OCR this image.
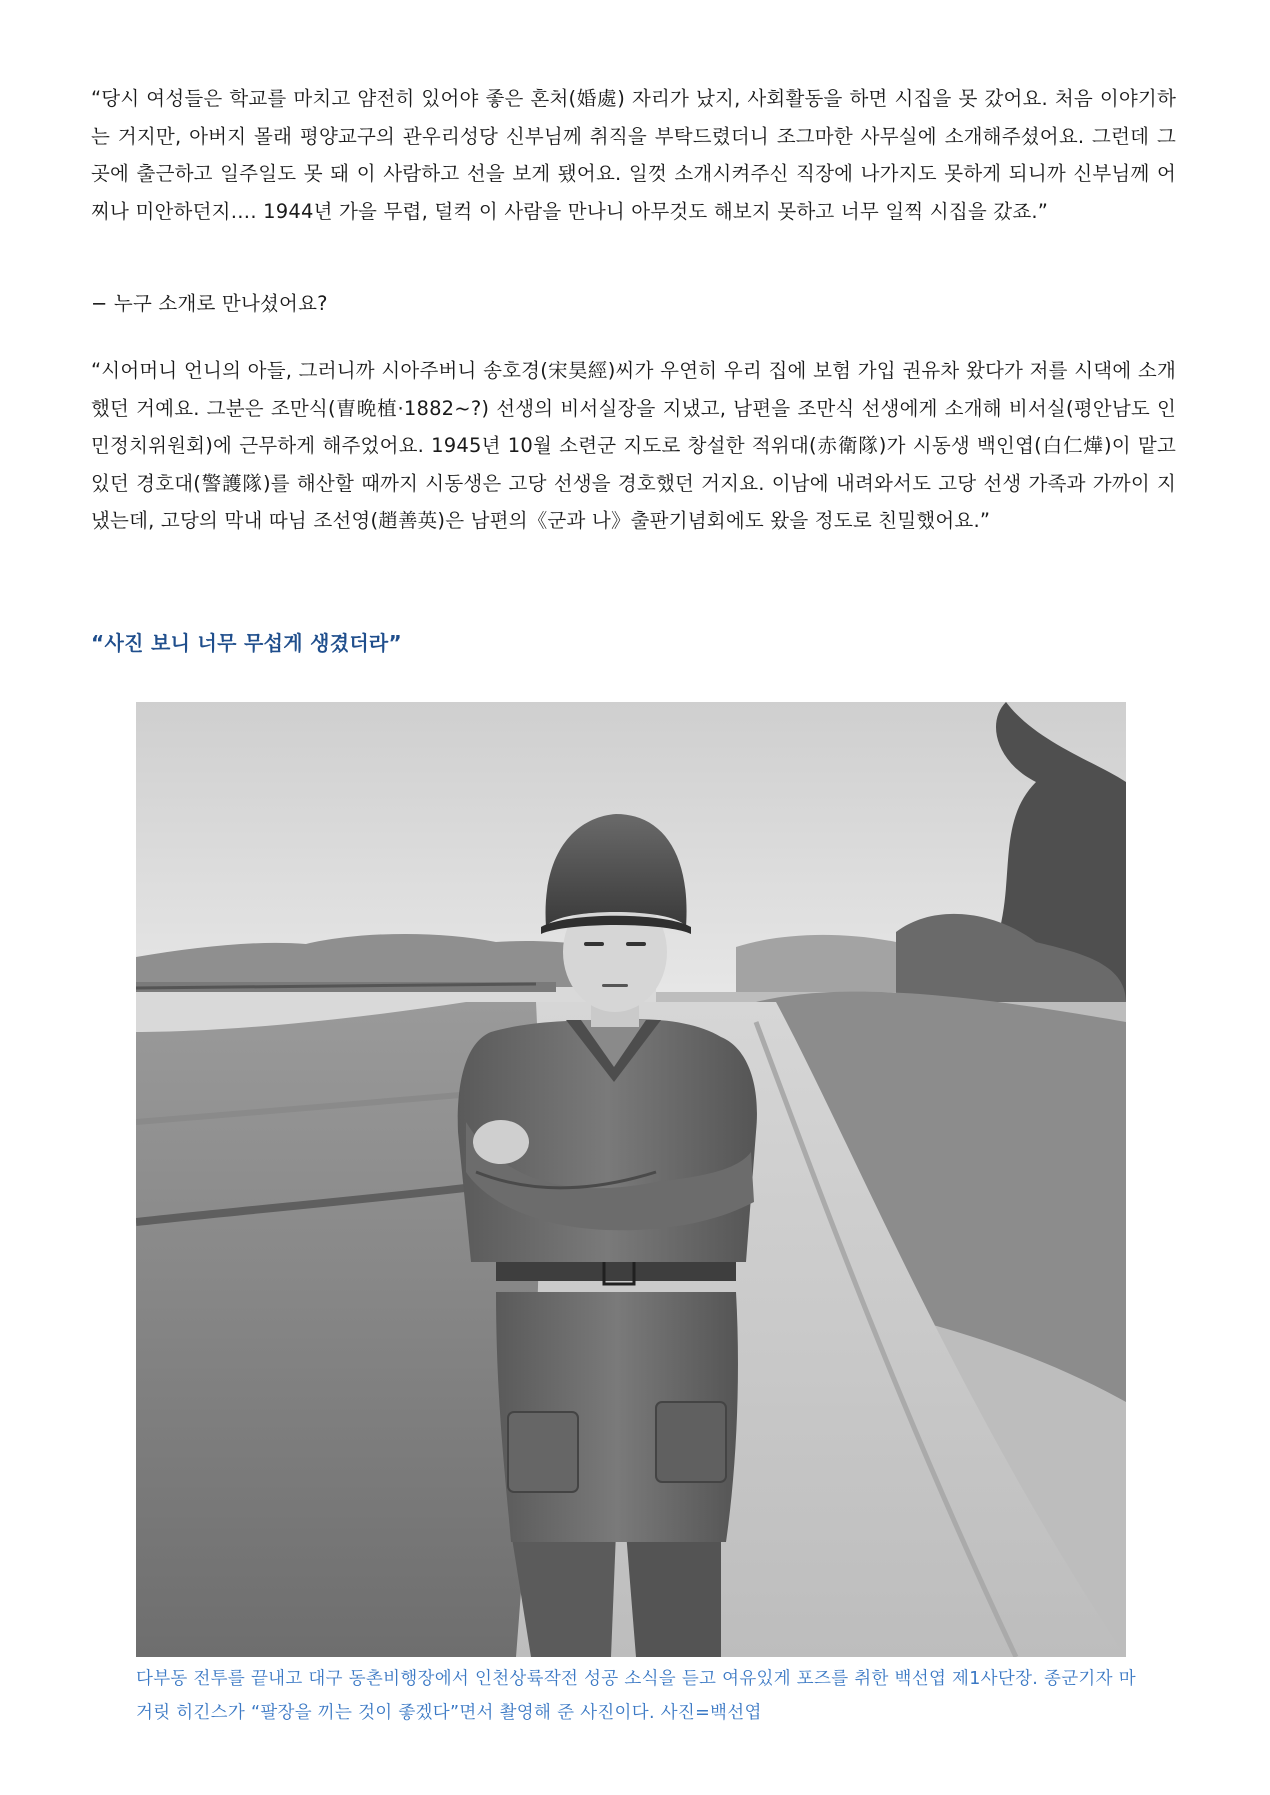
“당시 여성들은 학교를 마치고 얌전히 있어야 좋은 혼처(婚處) 자리가 났지, 사회활동을 하면 시집을 못 갔어요. 처음 이야기하는 거지만, 아버지 몰래 평양교구의 관우리성당 신부님께 취직을 부탁드렸더니 조그마한 사무실에 소개해주셨어요. 그런데 그곳에 출근하고 일주일도 못 돼 이 사람하고 선을 보게 됐어요. 일껏 소개시켜주신 직장에 나가지도 못하게 되니까 신부님께 어찌나 미안하던지…. 1944년 가을 무렵, 덜컥 이 사람을 만나니 아무것도 해보지 못하고 너무 일찍 시집을 갔죠.”

− 누구 소개로 만나셨어요?

“시어머니 언니의 아들, 그러니까 시아주버니 송호경(宋昊經)씨가 우연히 우리 집에 보험 가입 권유차 왔다가 저를 시댁에 소개했던 거예요. 그분은 조만식(曺晩植·1882~?) 선생의 비서실장을 지냈고, 남편을 조만식 선생에게 소개해 비서실(평안남도 인민정치위원회)에 근무하게 해주었어요. 1945년 10월 소련군 지도로 창설한 적위대(赤衛隊)가 시동생 백인엽(白仁燁)이 맡고 있던 경호대(警護隊)를 해산할 때까지 시동생은 고당 선생을 경호했던 거지요. 이남에 내려와서도 고당 선생 가족과 가까이 지냈는데, 고당의 막내 따님 조선영(趙善英)은 남편의《군과 나》출판기념회에도 왔을 정도로 친밀했어요.”

“사진 보니 너무 무섭게 생겼더라”

다부동 전투를 끝내고 대구 동촌비행장에서 인천상륙작전 성공 소식을 듣고 여유있게 포즈를 취한 백선엽 제1사단장. 종군기자 마거릿 히긴스가 “팔장을 끼는 것이 좋겠다”면서 촬영해 준 사진이다. 사진=백선엽
